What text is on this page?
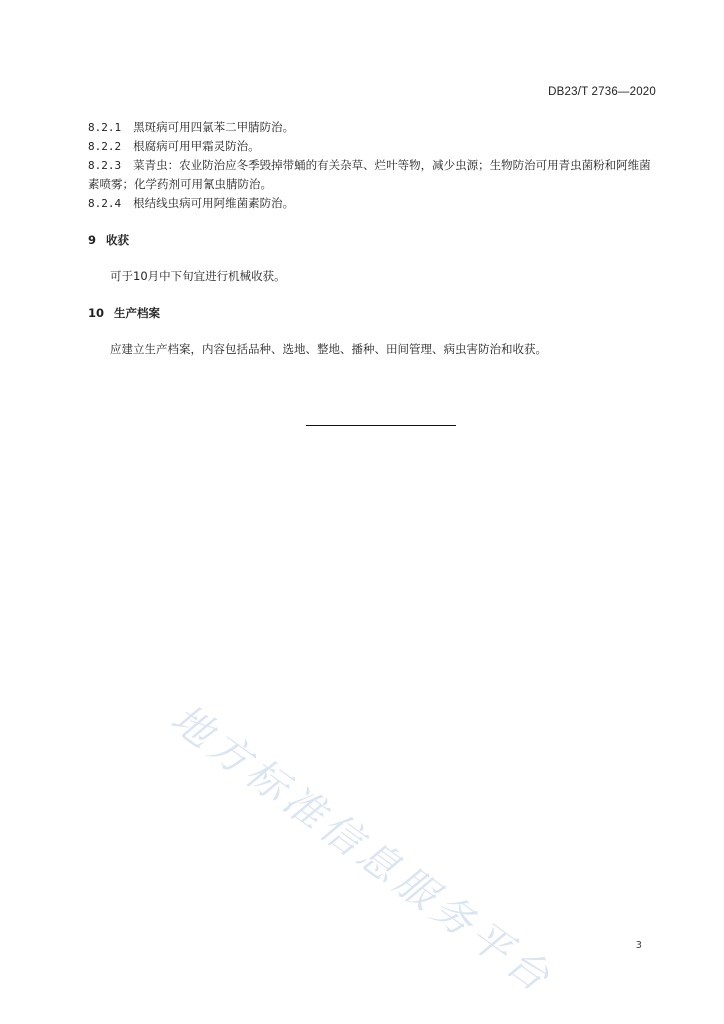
DB23/T 2736—2020

8.2.1 黑斑病可用四氯苯二甲腈防治。

8.2.2 根腐病可用甲霜灵防治。

8.2.3 菜青虫：农业防治应冬季毁掉带蛹的有关杂草、烂叶等物，减少虫源；生物防治可用青虫菌粉和阿维菌素喷雾；化学药剂可用氰虫腈防治。

8.2.4 根结线虫病可用阿维菌素防治。

9 收获

可于10月中下旬宜进行机械收获。

10 生产档案

应建立生产档案，内容包括品种、选地、整地、播种、田间管理、病虫害防治和收获。

地方标准信息服务平台	3
